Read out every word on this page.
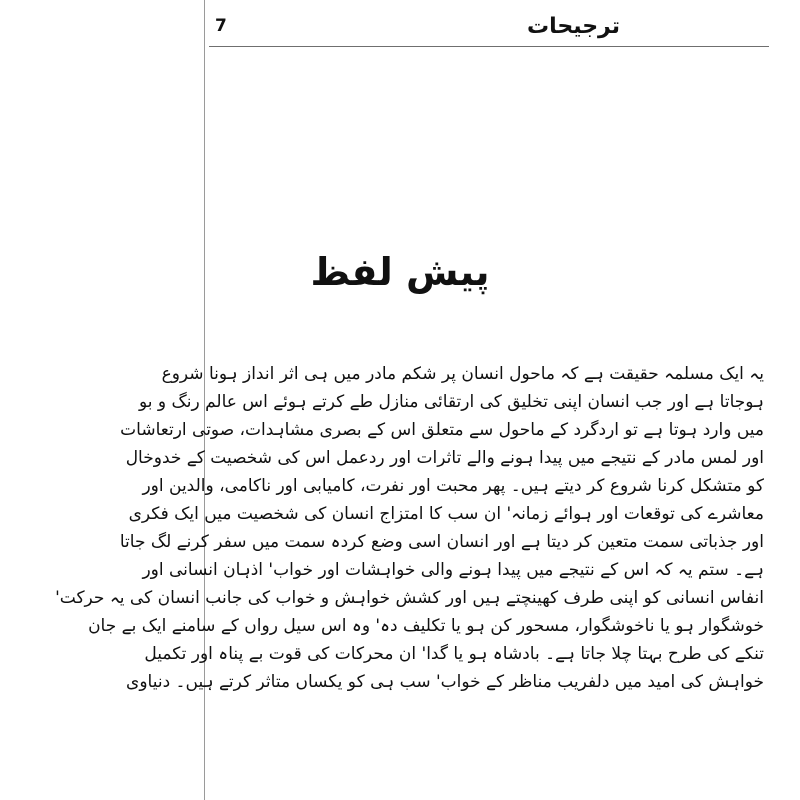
7	ترجیحات
پیش لفظ
یہ ایک مسلمہ حقیقت ہے کہ ماحول انسان پر شکم مادر میں ہی اثر انداز ہونا شروع
ہوجاتا ہے اور جب انسان اپنی تخلیق کی ارتقائی منازل طے کرتے ہوئے اس عالم رنگ و بو
میں وارد ہوتا ہے تو اردگرد کے ماحول سے متعلق اس کے بصری مشاہدات، صوتی ارتعاشات
اور لمس مادر کے نتیجے میں پیدا ہونے والے تاثرات اور ردعمل اس کی شخصیت کے خدوخال
کو متشکل کرنا شروع کر دیتے ہیں۔ پھر محبت اور نفرت، کامیابی اور ناکامی، والدین اور
معاشرے کی توقعات اور ہوائے زمانہ' ان سب کا امتزاج انسان کی شخصیت میں ایک فکری
اور جذباتی سمت متعین کر دیتا ہے اور انسان اسی وضع کردہ سمت میں سفر کرنے لگ جاتا
ہے۔ ستم یہ کہ اس کے نتیجے میں پیدا ہونے والی خواہشات اور خواب' اذہان انسانی اور
انفاس انسانی کو اپنی طرف کھینچتے ہیں اور کشش خواہش و خواب کی جانب انسان کی یہ حرکت'
خوشگوار ہو یا ناخوشگوار، مسحور کن ہو یا تکلیف دہ' وہ اس سیل رواں کے سامنے ایک بے جان
تنکے کی طرح بہتا چلا جاتا ہے۔ بادشاہ ہو یا گدا' ان محرکات کی قوت بے پناہ اور تکمیل
خواہش کی امید میں دلفریب مناظر کے خواب' سب ہی کو یکساں متاثر کرتے ہیں۔ دنیاوی
